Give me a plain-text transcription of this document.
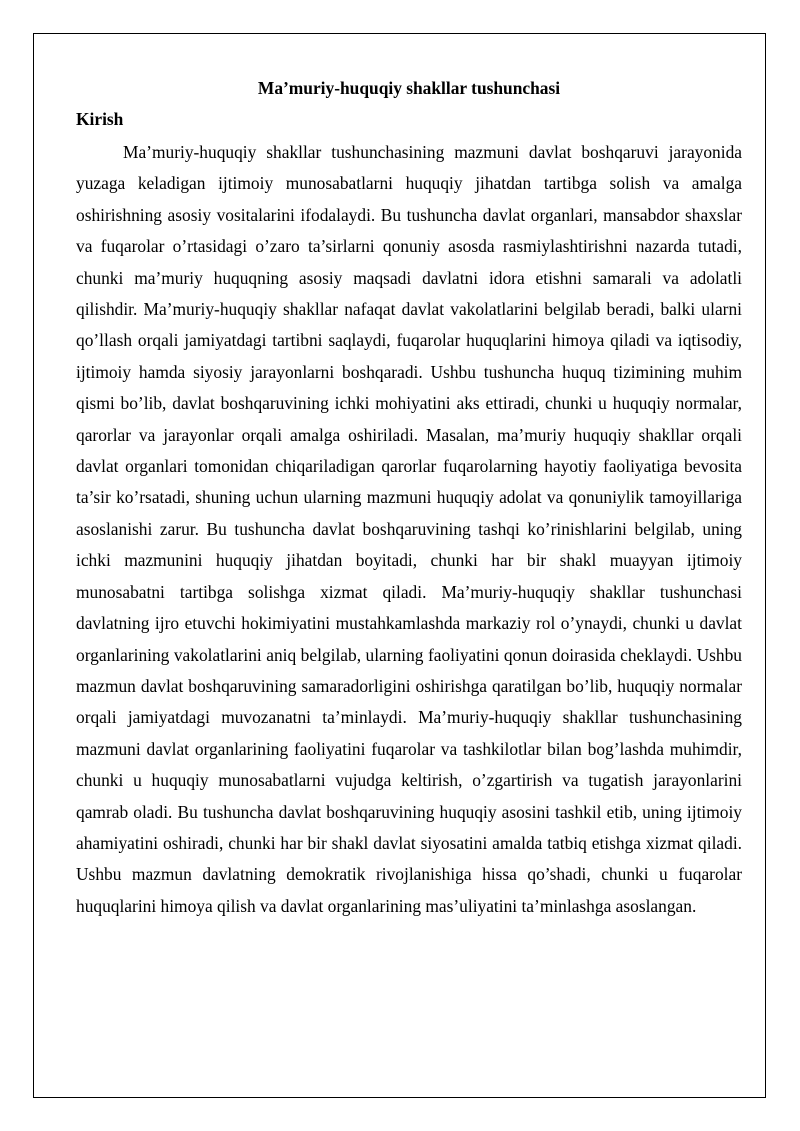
Ma’muriy-huquqiy shakllar tushunchasi
Kirish

Ma’muriy-huquqiy shakllar tushunchasining mazmuni davlat boshqaruvi jarayonida yuzaga keladigan ijtimoiy munosabatlarni huquqiy jihatdan tartibga solish va amalga oshirishning asosiy vositalarini ifodalaydi. Bu tushuncha davlat organlari, mansabdor shaxslar va fuqarolar o’rtasidagi o’zaro ta’sirlarni qonuniy asosda rasmiylashtirishni nazarda tutadi, chunki ma’muriy huquqning asosiy maqsadi davlatni idora etishni samarali va adolatli qilishdir. Ma’muriy-huquqiy shakllar nafaqat davlat vakolatlarini belgilab beradi, balki ularni qo’llash orqali jamiyatdagi tartibni saqlaydi, fuqarolar huquqlarini himoya qiladi va iqtisodiy, ijtimoiy hamda siyosiy jarayonlarni boshqaradi. Ushbu tushuncha huquq tizimining muhim qismi bo’lib, davlat boshqaruvining ichki mohiyatini aks ettiradi, chunki u huquqiy normalar, qarorlar va jarayonlar orqali amalga oshiriladi. Masalan, ma’muriy huquqiy shakllar orqali davlat organlari tomonidan chiqariladigan qarorlar fuqarolarning hayotiy faoliyatiga bevosita ta’sir ko’rsatadi, shuning uchun ularning mazmuni huquqiy adolat va qonuniylik tamoyillariga asoslanishi zarur. Bu tushuncha davlat boshqaruvining tashqi ko’rinishlarini belgilab, uning ichki mazmunini huquqiy jihatdan boyitadi, chunki har bir shakl muayyan ijtimoiy munosabatni tartibga solishga xizmat qiladi. Ma’muriy-huquqiy shakllar tushunchasi davlatning ijro etuvchi hokimiyatini mustahkamlashda markaziy rol o’ynaydi, chunki u davlat organlarining vakolatlarini aniq belgilab, ularning faoliyatini qonun doirasida cheklaydi. Ushbu mazmun davlat boshqaruvining samaradorligini oshirishga qaratilgan bo’lib, huquqiy normalar orqali jamiyatdagi muvozanatni ta’minlaydi. Ma’muriy-huquqiy shakllar tushunchasining mazmuni davlat organlarining faoliyatini fuqarolar va tashkilotlar bilan bog’lashda muhimdir, chunki u huquqiy munosabatlarni vujudga keltirish, o’zgartirish va tugatish jarayonlarini qamrab oladi. Bu tushuncha davlat boshqaruvining huquqiy asosini tashkil etib, uning ijtimoiy ahamiyatini oshiradi, chunki har bir shakl davlat siyosatini amalda tatbiq etishga xizmat qiladi. Ushbu mazmun davlatning demokratik rivojlanishiga hissa qo’shadi, chunki u fuqarolar huquqlarini himoya qilish va davlat organlarining mas’uliyatini ta’minlashga asoslangan.
